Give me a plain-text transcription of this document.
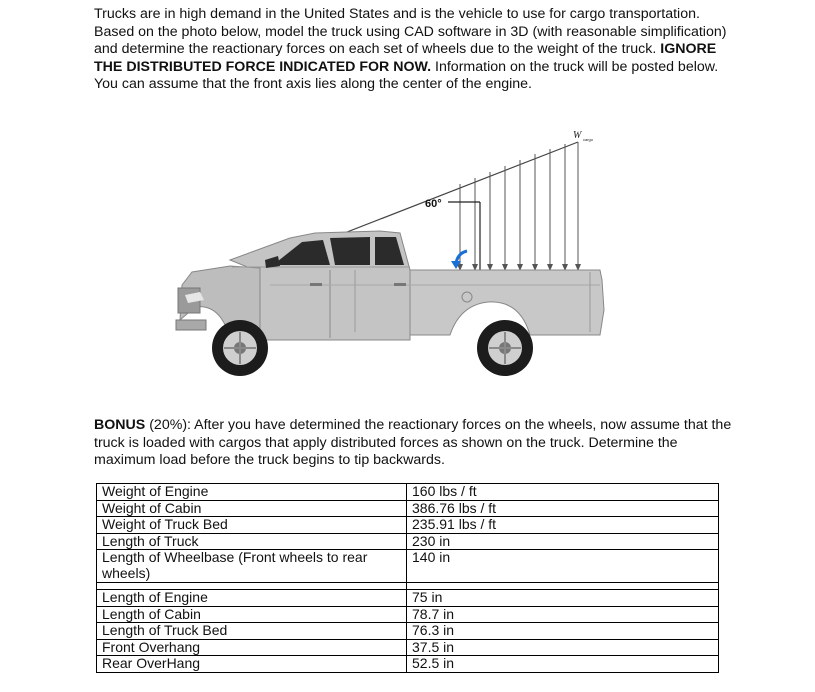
Trucks are in high demand in the United States and is the vehicle to use for cargo transportation. Based on the photo below, model the truck using CAD software in 3D (with reasonable simplification) and determine the reactionary forces on each set of wheels due to the weight of the truck. IGNORE THE DISTRIBUTED FORCE INDICATED FOR NOW. Information on the truck will be posted below. You can assume that the front axis lies along the center of the engine.
W cargo
60°
BONUS (20%): After you have determined the reactionary forces on the wheels, now assume that the truck is loaded with cargos that apply distributed forces as shown on the truck. Determine the maximum load before the truck begins to tip backwards.
Weight of Engine	160 lbs / ft
Weight of Cabin	386.76 lbs / ft
Weight of Truck Bed	235.91 lbs / ft
Length of Truck	230 in
Length of Wheelbase (Front wheels to rear wheels)	140 in

Length of Engine	75 in
Length of Cabin	78.7 in
Length of Truck Bed	76.3 in
Front Overhang	37.5 in
Rear OverHang	52.5 in
